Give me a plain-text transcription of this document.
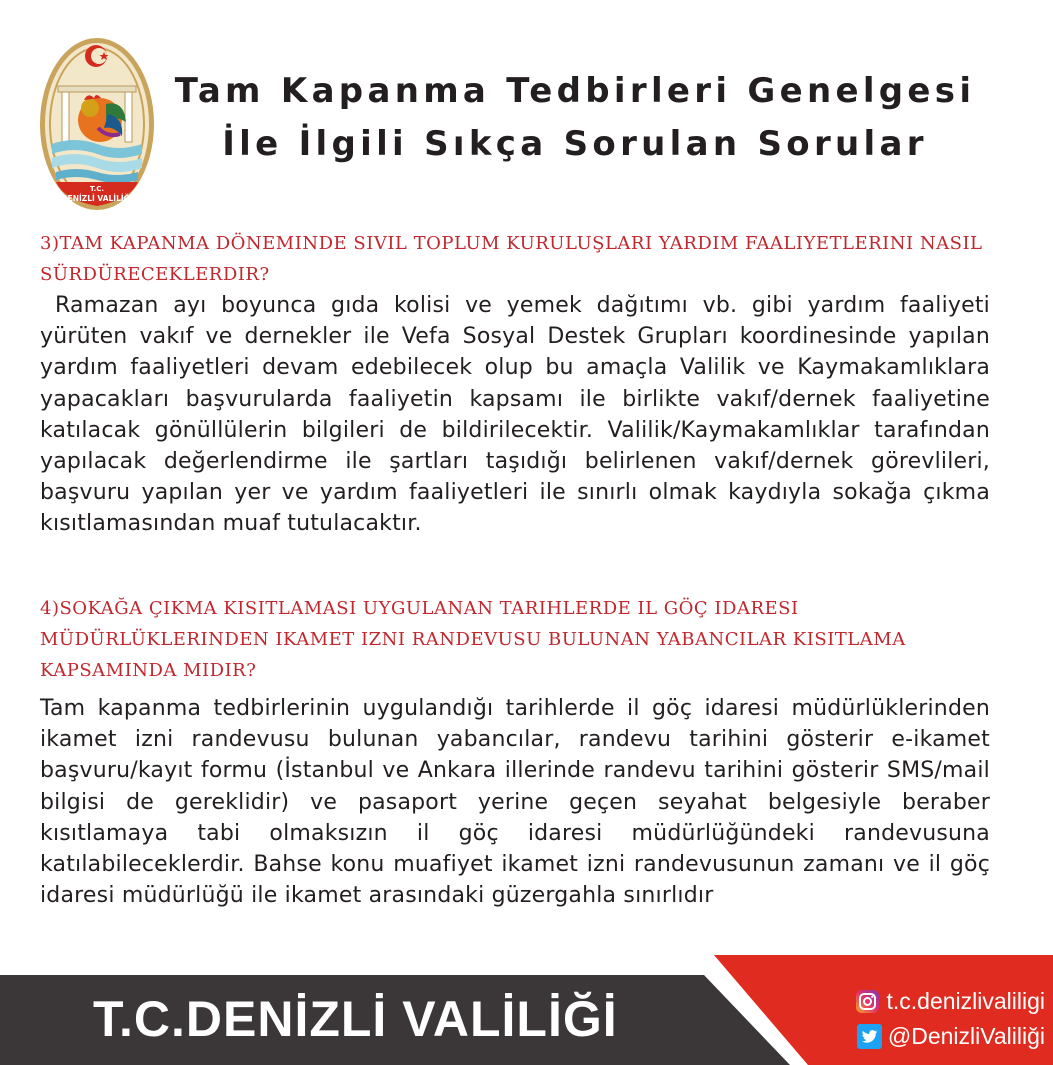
T.C.
DENİZLİ VALİLİĞİ
Tam Kapanma Tedbirleri Genelgesi
İle İlgili Sıkça Sorulan Sorular
3)TAM KAPANMA DÖNEMINDE SIVIL TOPLUM KURULUŞLARI YARDIM FAALIYETLERINI NASIL SÜRDÜRECEKLERDIR?
Ramazan ayı boyunca gıda kolisi ve yemek dağıtımı vb. gibi yardım faaliyeti yürüten vakıf ve dernekler ile Vefa Sosyal Destek Grupları koordinesinde yapılan yardım faaliyetleri devam edebilecek olup bu amaçla Valilik ve Kaymakamlıklara yapacakları başvurularda faaliyetin kapsamı ile birlikte vakıf/dernek faaliyetine katılacak gönüllülerin bilgileri de bildirilecektir. Valilik/Kaymakamlıklar tarafından yapılacak değerlendirme ile şartları taşıdığı belirlenen vakıf/dernek görevlileri, başvuru yapılan yer ve yardım faaliyetleri ile sınırlı olmak kaydıyla sokağa çıkma kısıtlamasından muaf tutulacaktır.
4)SOKAĞA ÇIKMA KISITLAMASI UYGULANAN TARIHLERDE IL GÖÇ IDARESI MÜDÜRLÜKLERINDEN IKAMET IZNI RANDEVUSU BULUNAN YABANCILAR KISITLAMA KAPSAMINDA MIDIR?
Tam kapanma tedbirlerinin uygulandığı tarihlerde il göç idaresi müdürlüklerinden ikamet izni randevusu bulunan yabancılar, randevu tarihini gösterir e-ikamet başvuru/kayıt formu (İstanbul ve Ankara illerinde randevu tarihini gösterir SMS/mail bilgisi de gereklidir) ve pasaport yerine geçen seyahat belgesiyle beraber kısıtlamaya tabi olmaksızın il göç idaresi müdürlüğündeki randevusuna katılabileceklerdir. Bahse konu muafiyet ikamet izni randevusunun zamanı ve il göç idaresi müdürlüğü ile ikamet arasındaki güzergahla sınırlıdır
T.C.DENİZLİ VALİLİĞİ	t.c.denizlivaliligi
@DenizliValiliği
